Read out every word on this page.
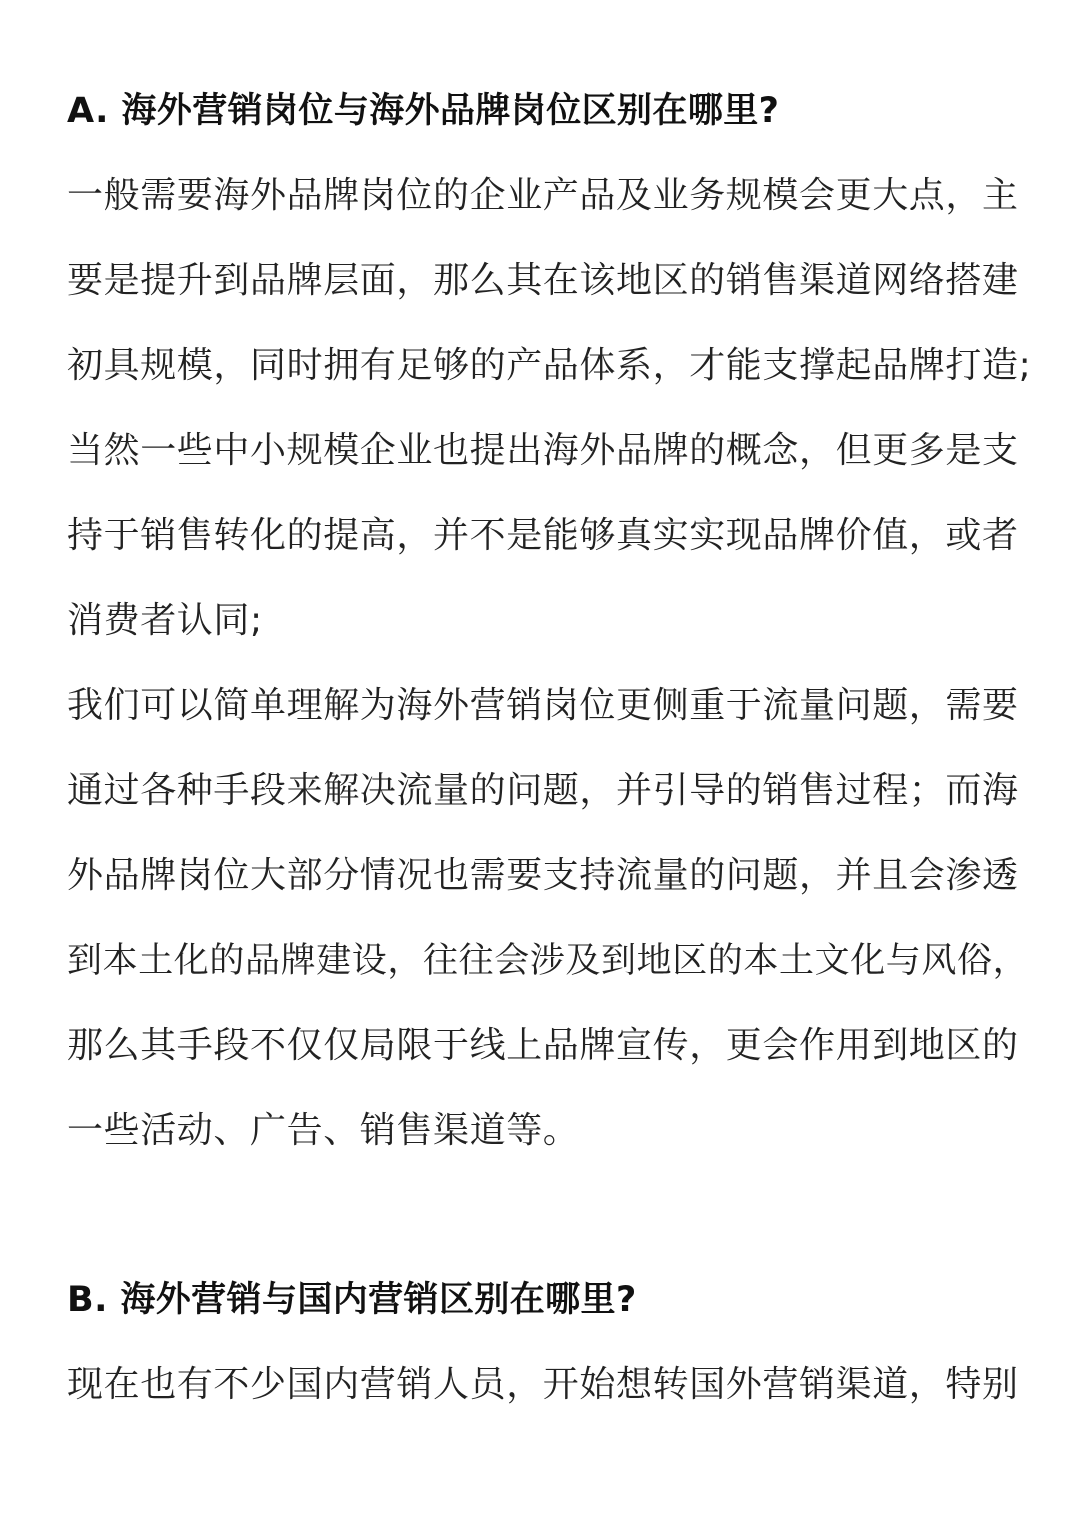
A. 海外营销岗位与海外品牌岗位区别在哪里?
一般需要海外品牌岗位的企业产品及业务规模会更大点，主
要是提升到品牌层面，那么其在该地区的销售渠道网络搭建
初具规模，同时拥有足够的产品体系，才能支撑起品牌打造;
当然一些中小规模企业也提出海外品牌的概念，但更多是支
持于销售转化的提高，并不是能够真实实现品牌价值，或者
消费者认同;
我们可以简单理解为海外营销岗位更侧重于流量问题，需要
通过各种手段来解决流量的问题，并引导的销售过程；而海
外品牌岗位大部分情况也需要支持流量的问题，并且会渗透
到本土化的品牌建设，往往会涉及到地区的本土文化与风俗，
那么其手段不仅仅局限于线上品牌宣传，更会作用到地区的
一些活动、广告、销售渠道等。
B. 海外营销与国内营销区别在哪里?
现在也有不少国内营销人员，开始想转国外营销渠道，特别
